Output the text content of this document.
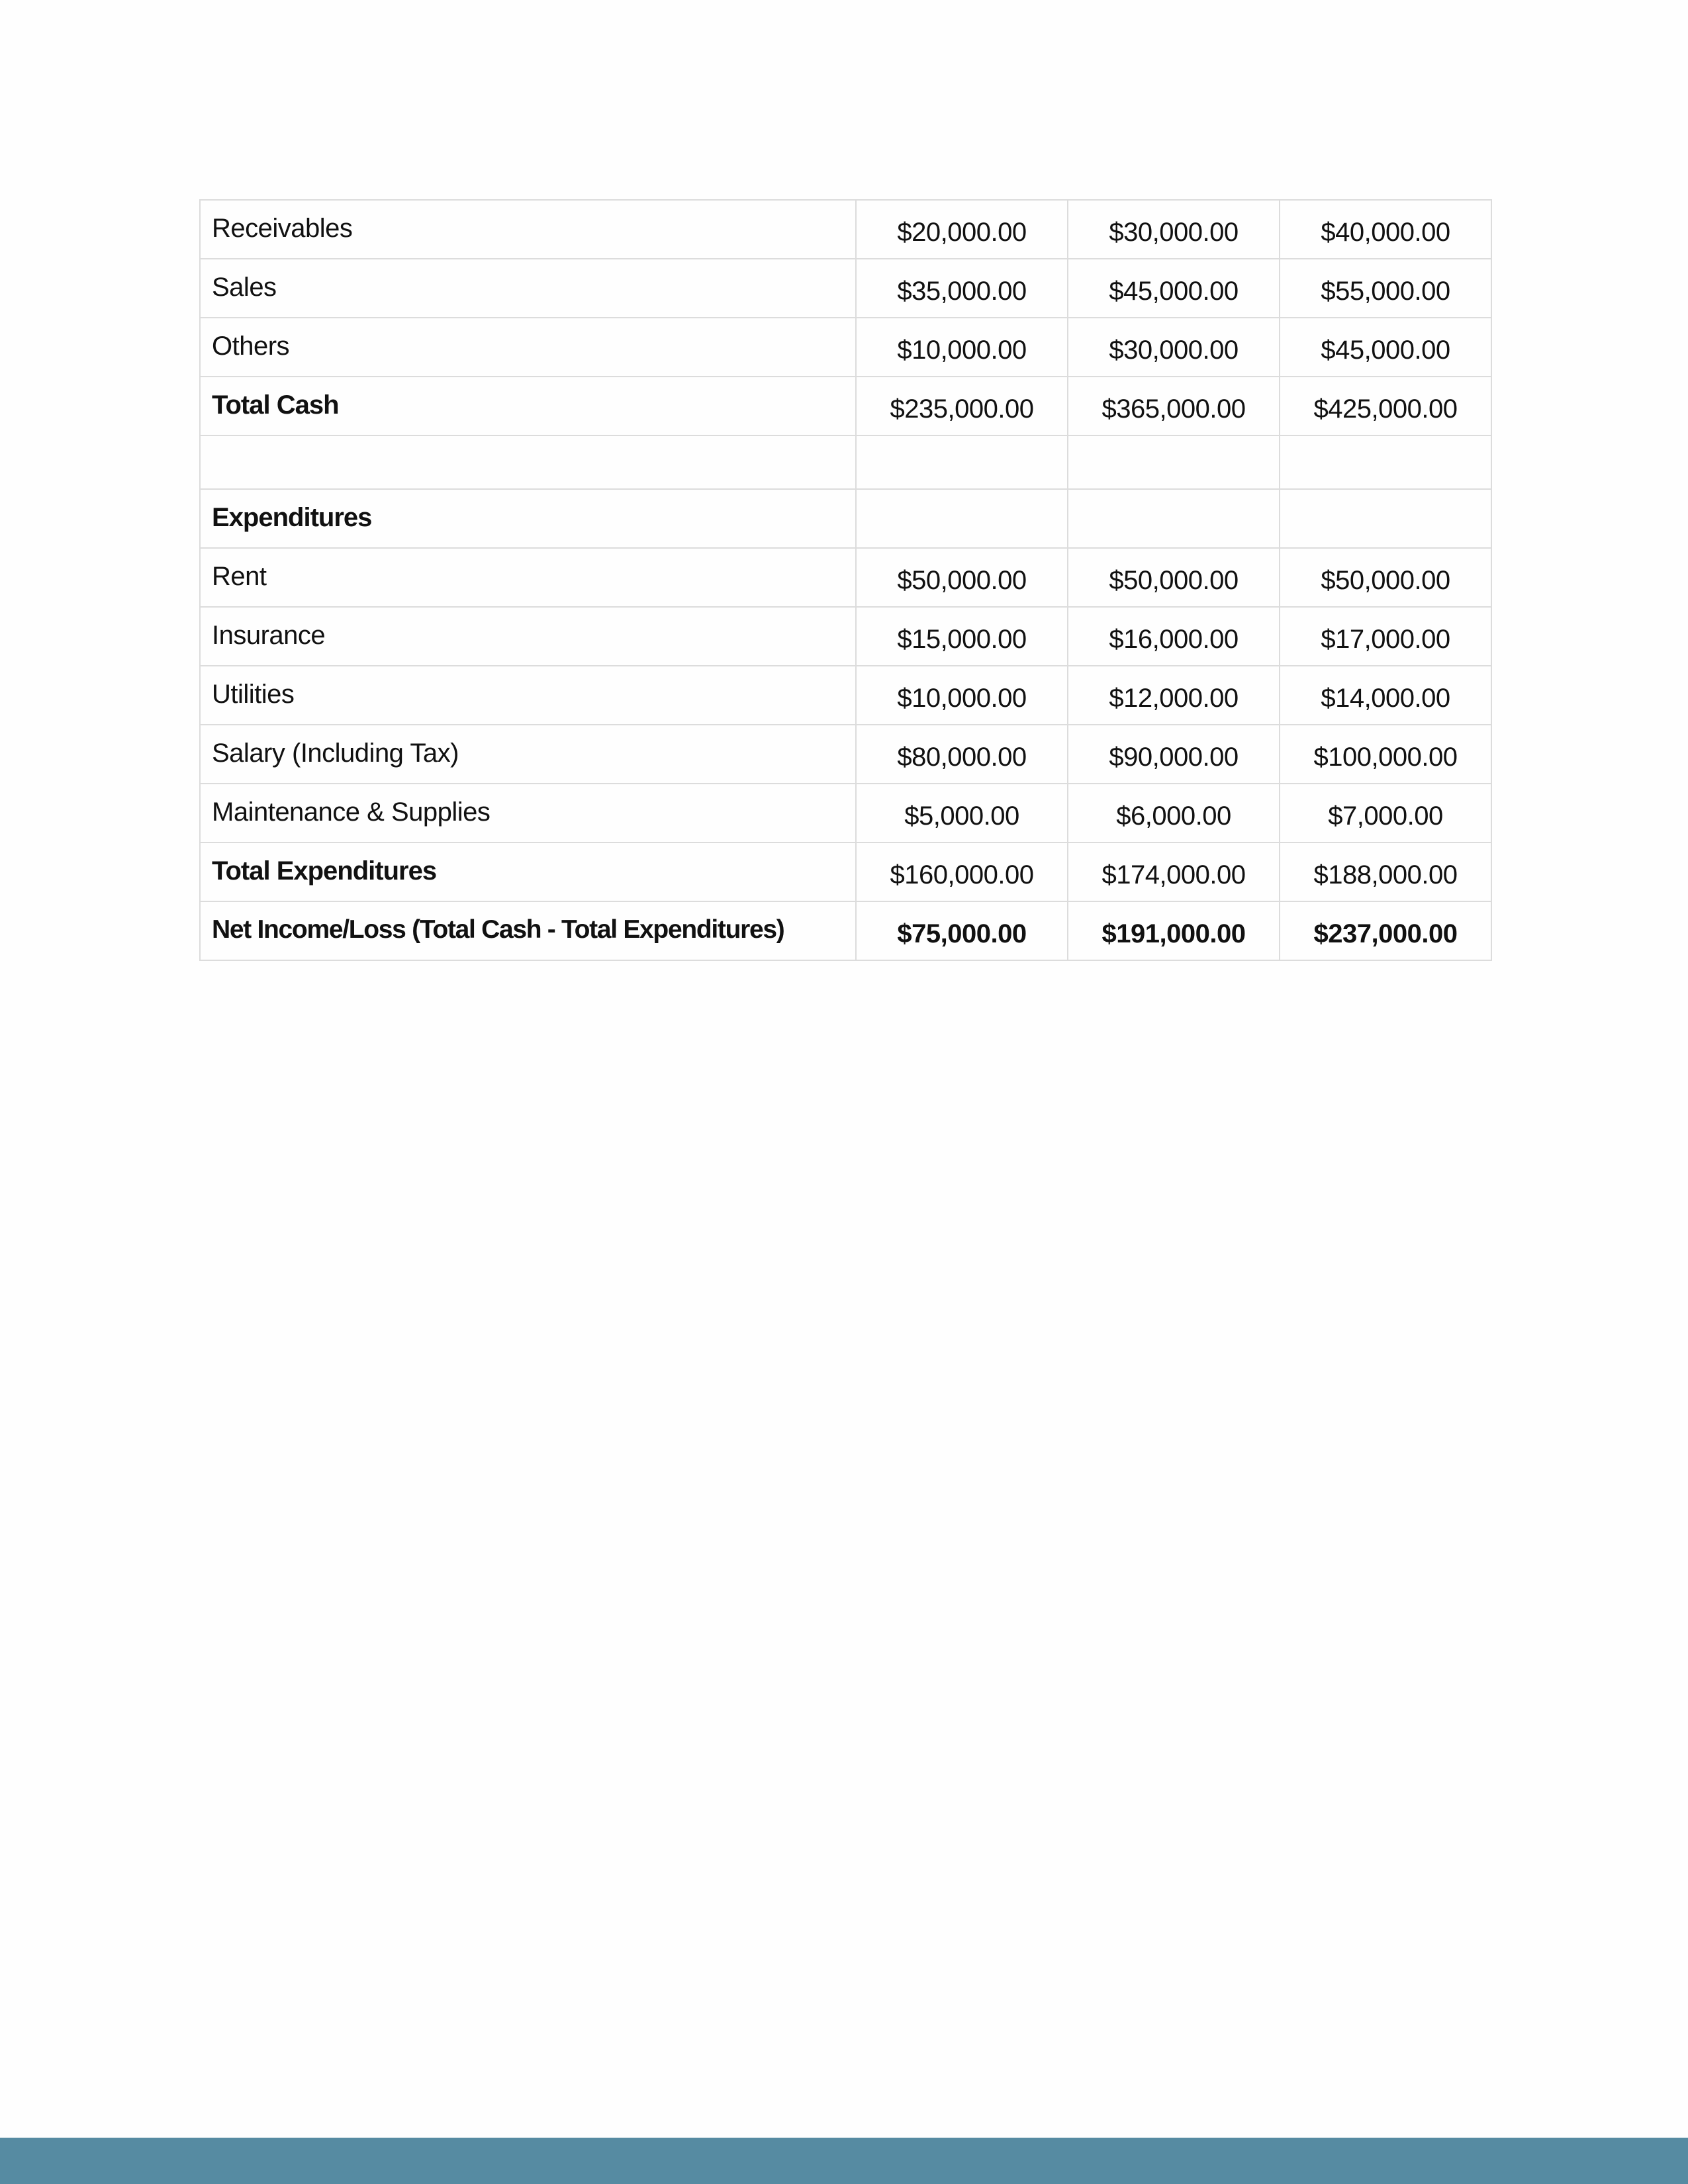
Receivables	$20,000.00	$30,000.00	$40,000.00
Sales	$35,000.00	$45,000.00	$55,000.00
Others	$10,000.00	$30,000.00	$45,000.00
Total Cash	$235,000.00	$365,000.00	$425,000.00

Expenditures			
Rent	$50,000.00	$50,000.00	$50,000.00
Insurance	$15,000.00	$16,000.00	$17,000.00
Utilities	$10,000.00	$12,000.00	$14,000.00
Salary (Including Tax)	$80,000.00	$90,000.00	$100,000.00
Maintenance & Supplies	$5,000.00	$6,000.00	$7,000.00
Total Expenditures	$160,000.00	$174,000.00	$188,000.00
Net Income/Loss (Total Cash - Total Expenditures)	$75,000.00	$191,000.00	$237,000.00
